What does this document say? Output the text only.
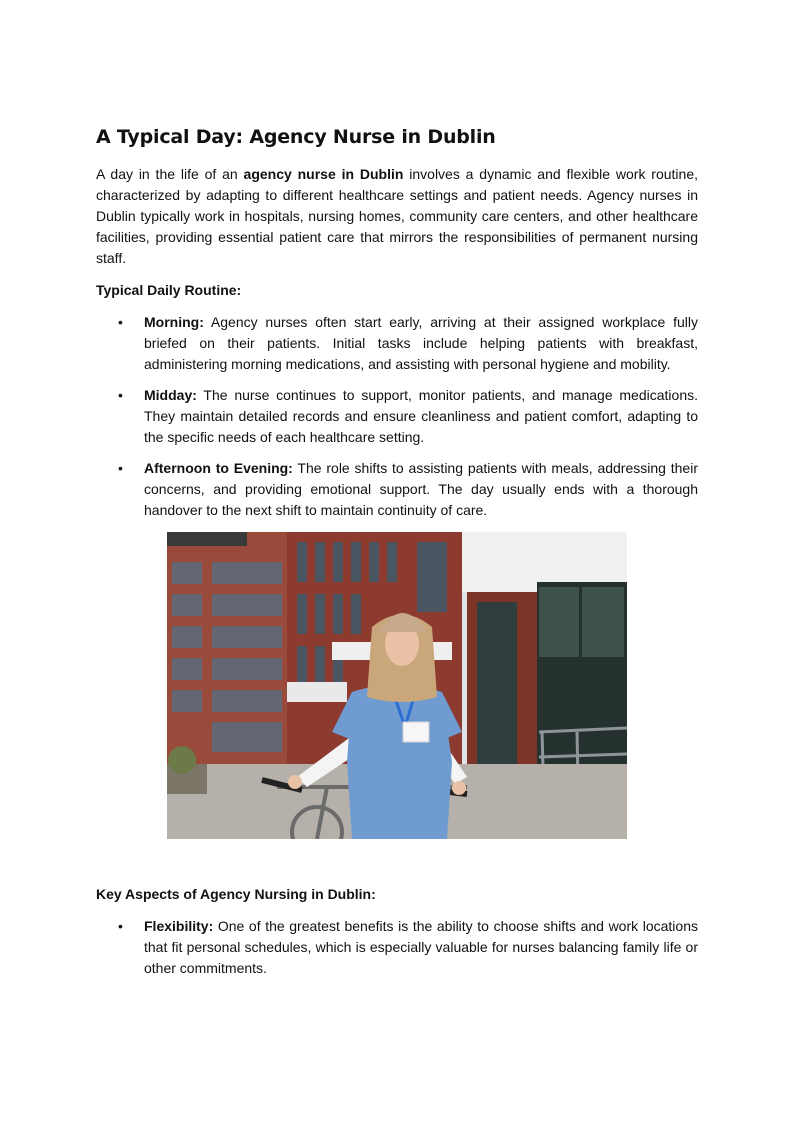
A Typical Day: Agency Nurse in Dublin

A day in the life of an agency nurse in Dublin involves a dynamic and flexible work routine, characterized by adapting to different healthcare settings and patient needs. Agency nurses in Dublin typically work in hospitals, nursing homes, community care centers, and other healthcare facilities, providing essential patient care that mirrors the responsibilities of permanent nursing staff.

Typical Daily Routine:
• Morning: Agency nurses often start early, arriving at their assigned workplace fully briefed on their patients. Initial tasks include helping patients with breakfast, administering morning medications, and assisting with personal hygiene and mobility.
• Midday: The nurse continues to support, monitor patients, and manage medications. They maintain detailed records and ensure cleanliness and patient comfort, adapting to the specific needs of each healthcare setting.
• Afternoon to Evening: The role shifts to assisting patients with meals, addressing their concerns, and providing emotional support. The day usually ends with a thorough handover to the next shift to maintain continuity of care.
Key Aspects of Agency Nursing in Dublin:
• Flexibility: One of the greatest benefits is the ability to choose shifts and work locations that fit personal schedules, which is especially valuable for nurses balancing family life or other commitments.
